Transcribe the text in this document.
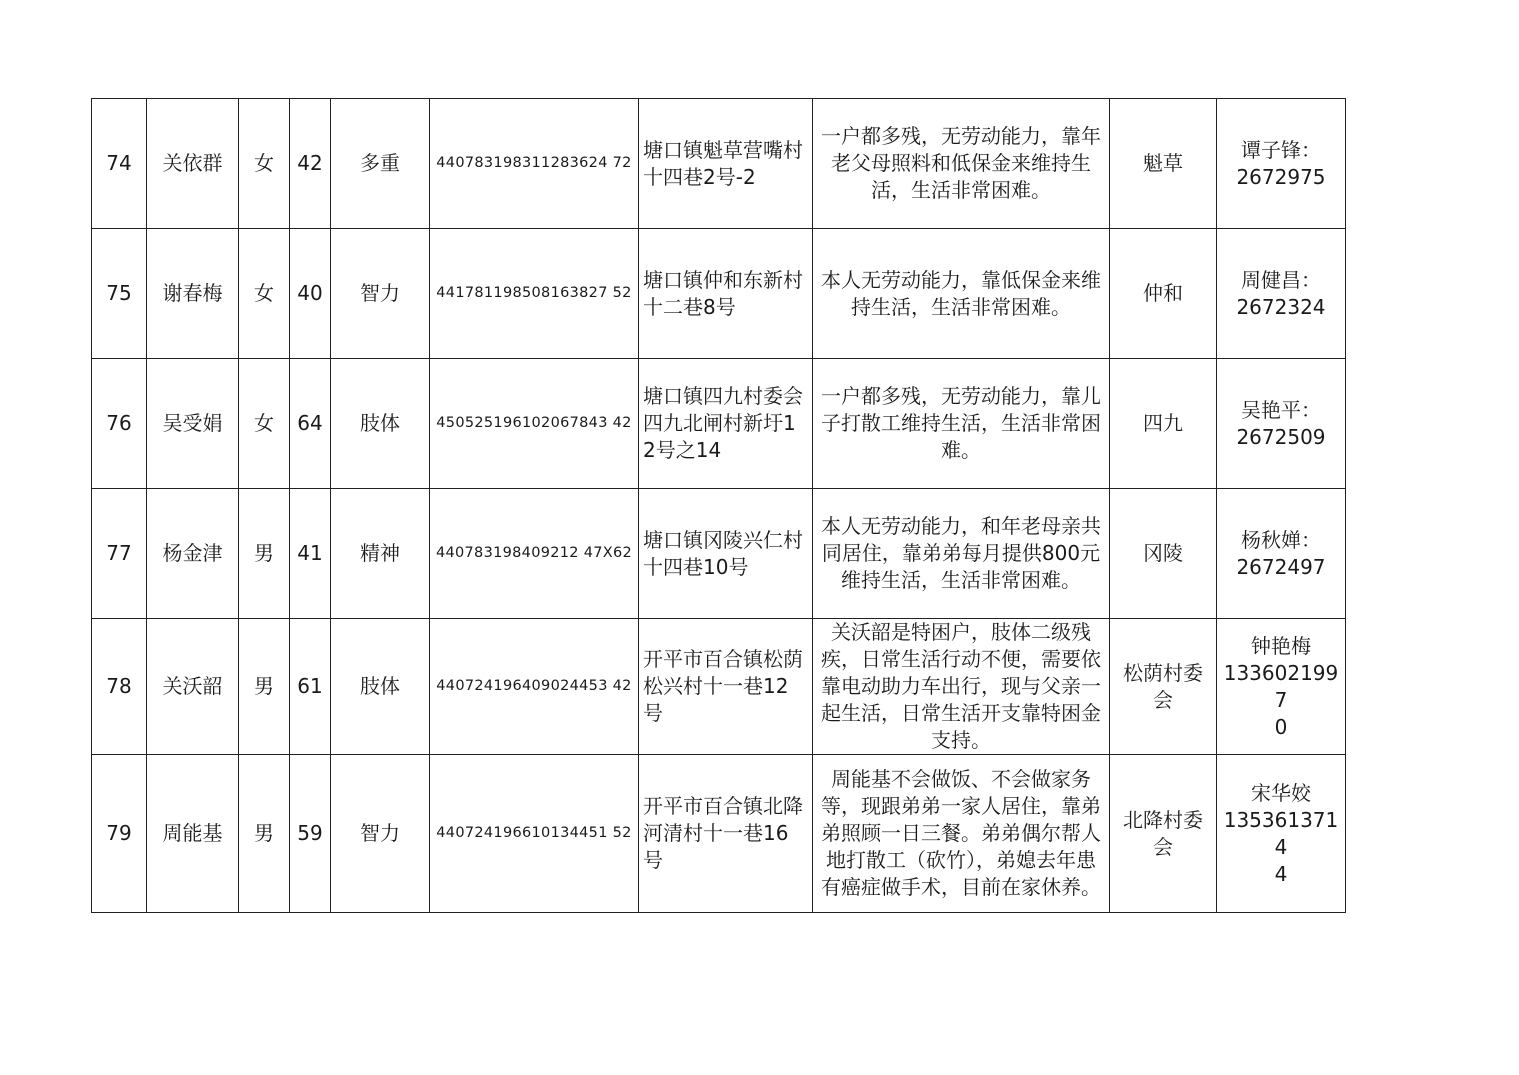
74	关依群	女	42	多重	440783198311283624 72	塘口镇魁草营嘴村十四巷2号-2	一户都多残，无劳动能力，靠年老父母照料和低保金来维持生活，生活非常困难。	魁草	谭子锋：
2672975

75	谢春梅	女	40	智力	441781198508163827 52	塘口镇仲和东新村十二巷8号	本人无劳动能力，靠低保金来维持生活，生活非常困难。	仲和	周健昌：
2672324

76	吴受娟	女	64	肢体	450525196102067843 42	塘口镇四九村委会四九北闸村新圩12号之14	一户都多残，无劳动能力，靠儿子打散工维持生活，生活非常困难。	四九	吴艳平：
2672509

77	杨金津	男	41	精神	440783198409212 47X62	塘口镇冈陵兴仁村十四巷10号	本人无劳动能力，和年老母亲共同居住，靠弟弟每月提供800元维持生活，生活非常困难。	冈陵	杨秋婵：
2672497

78	关沃韶	男	61	肢体	440724196409024453 42	开平市百合镇松荫松兴村十一巷12号	关沃韶是特困户，肢体二级残疾，日常生活行动不便，需要依靠电动助力车出行，现与父亲一起生活，日常生活开支靠特困金支持。	松荫村委会	钟艳梅
1336021997
0

79	周能基	男	59	智力	440724196610134451 52	开平市百合镇北降河清村十一巷16号	周能基不会做饭、不会做家务等，现跟弟弟一家人居住，靠弟弟照顾一日三餐。弟弟偶尔帮人地打散工（砍竹），弟媳去年患有癌症做手术，目前在家休养。	北降村委会	宋华姣
1353613714
4
